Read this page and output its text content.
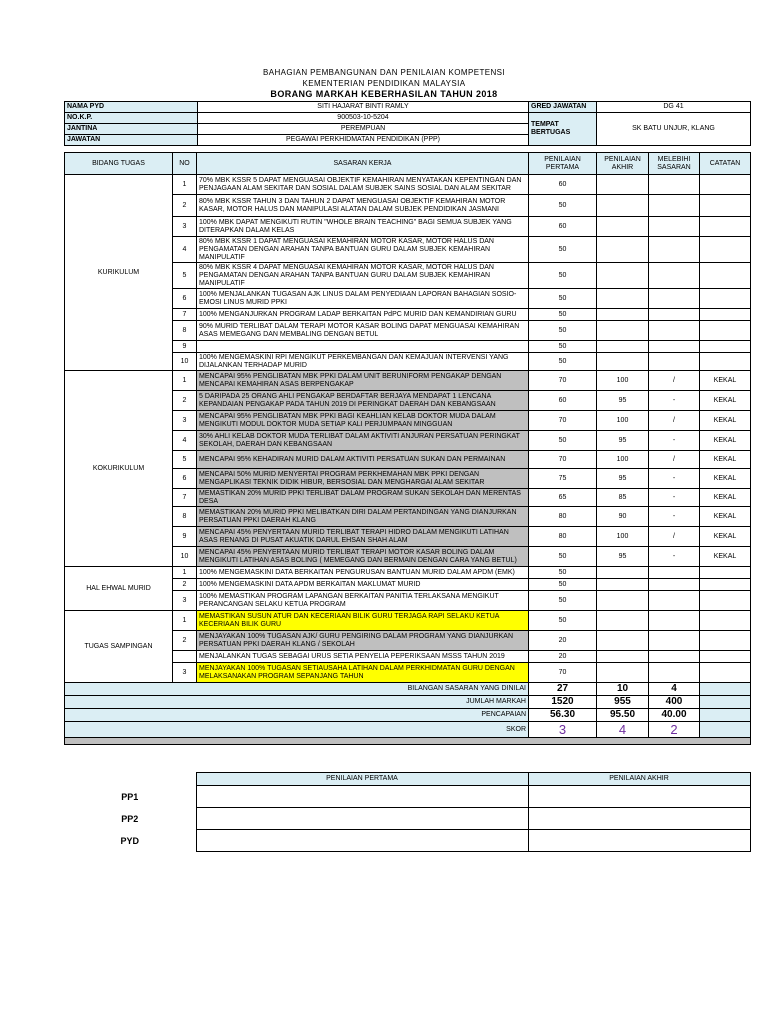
BAHAGIAN PEMBANGUNAN DAN PENILAIAN KOMPETENSI
KEMENTERIAN PENDIDIKAN MALAYSIA
BORANG MARKAH KEBERHASILAN TAHUN 2018
NAMA PYD	SITI HAJARAT BINTI RAMLY	GRED JAWATAN	DG 41
NO.K.P.	900503-10-5204	TEMPAT BERTUGAS	SK BATU UNJUR, KLANG
JANTINA	PEREMPUAN		
JAWATAN	PEGAWAI PERKHIDMATAN PENDIDIKAN (PPP)		
BIDANG TUGAS	NO	SASARAN KERJA	PENILAIAN PERTAMA	PENILAIAN AKHIR	MELEBIHI SASARAN	CATATAN
KURIKULUM	1	70% MBK KSSR 5 DAPAT MENGUASAI OBJEKTIF KEMAHIRAN MENYATAKAN KEPENTINGAN DAN PENJAGAAN ALAM SEKITAR DAN SOSIAL DALAM SUBJEK SAINS SOSIAL DAN ALAM SEKITAR	60			
	2	80% MBK KSSR TAHUN 3 DAN TAHUN 2 DAPAT MENGUASAI OBJEKTIF KEMAHIRAN MOTOR KASAR, MOTOR HALUS DAN MANIPULASI ALATAN DALAM SUBJEK PENDIDIKAN JASMANI	50			
	3	100% MBK DAPAT MENGIKUTI RUTIN "WHOLE BRAIN TEACHING" BAGI SEMUA SUBJEK YANG DITERAPKAN DALAM KELAS	60			
	4	80% MBK KSSR 1 DAPAT MENGUASAI KEMAHIRAN MOTOR KASAR, MOTOR HALUS DAN PENGAMATAN DENGAN ARAHAN TANPA BANTUAN GURU DALAM SUBJEK KEMAHIRAN MANIPULATIF	50			
	5	80% MBK KSSR 4 DAPAT MENGUASAI KEMAHIRAN MOTOR KASAR, MOTOR HALUS DAN PENGAMATAN DENGAN ARAHAN TANPA BANTUAN GURU DALAM SUBJEK KEMAHIRAN MANIPULATIF	50			
	6	100% MENJALANKAN TUGASAN AJK LINUS DALAM PENYEDIAAN LAPORAN BAHAGIAN SOSIO-EMOSI LINUS MURID PPKI	50			
	7	100% MENGANJURKAN PROGRAM LADAP BERKAITAN PdPC MURID DAN KEMANDIRIAN GURU	50			
	8	90% MURID TERLIBAT DALAM TERAPI MOTOR KASAR BOLING DAPAT MENGUASAI KEMAHIRAN ASAS MEMEGANG DAN MEMBALING DENGAN BETUL	50			
	9		50			
	10	100% MENGEMASKINI RPI MENGIKUT PERKEMBANGAN DAN KEMAJUAN INTERVENSI YANG DIJALANKAN TERHADAP MURID	50			
KOKURIKULUM	1	MENCAPAI 95% PENGLIBATAN MBK PPKI DALAM UNIT BERUNIFORM PENGAKAP DENGAN MENCAPAI KEMAHIRAN ASAS BERPENGAKAP	70	100	/	KEKAL
	2	5 DARIPADA 25 ORANG AHLI PENGAKAP BERDAFTAR BERJAYA MENDAPAT 1 LENCANA KEPANDAIAN PENGAKAP PADA TAHUN 2019 DI PERINGKAT DAERAH DAN KEBANGSAAN	60	95	-	KEKAL
	3	MENCAPAI 95% PENGLIBATAN MBK PPKI BAGI KEAHLIAN KELAB DOKTOR MUDA DALAM MENGIKUTI MODUL DOKTOR MUDA SETIAP KALI PERJUMPAAN MINGGUAN	70	100	/	KEKAL
	4	30% AHLI KELAB DOKTOR MUDA TERLIBAT DALAM AKTIVITI ANJURAN PERSATUAN PERINGKAT SEKOLAH, DAERAH DAN KEBANGSAAN	50	95	-	KEKAL
	5	MENCAPAI 95% KEHADIRAN MURID DALAM AKTIVITI PERSATUAN SUKAN DAN PERMAINAN	70	100	/	KEKAL
	6	MENCAPAI 50% MURID MENYERTAI PROGRAM PERKHEMAHAN MBK PPKI DENGAN MENGAPLIKASI TEKNIK DIDIK HIBUR, BERSOSIAL DAN MENGHARGAI ALAM SEKITAR	75	95	-	KEKAL
	7	MEMASTIKAN 20% MURID PPKI TERLIBAT DALAM PROGRAM SUKAN SEKOLAH DAN MERENTAS DESA	65	85	-	KEKAL
	8	MEMASTIKAN 20% MURID PPKI MELIBATKAN DIRI DALAM PERTANDINGAN YANG DIANJURKAN PERSATUAN PPKI DAERAH KLANG	80	90	-	KEKAL
	9	MENCAPAI 45% PENYERTAAN MURID TERLIBAT TERAPI HIDRO DALAM MENGIKUTI LATIHAN ASAS RENANG DI PUSAT AKUATIK DARUL EHSAN SHAH ALAM	80	100	/	KEKAL
	10	MENCAPAI 45% PENYERTAAN MURID TERLIBAT TERAPI MOTOR KASAR BOLING DALAM MENGIKUTI LATIHAN ASAS BOLING ( MEMEGANG DAN BERMAIN DENGAN CARA YANG BETUL)	50	95	-	KEKAL
HAL EHWAL MURID	1	100% MENGEMASKINI DATA BERKAITAN PENGURUSAN BANTUAN MURID DALAM APDM (EMK)	50			
	2	100% MENGEMASKINI DATA APDM BERKAITAN MAKLUMAT MURID	50			
	3	100% MEMASTIKAN PROGRAM LAPANGAN BERKAITAN PANITIA TERLAKSANA MENGIKUT PERANCANGAN SELAKU KETUA PROGRAM	50			
TUGAS SAMPINGAN	1	MEMASTIKAN SUSUN ATUR DAN KECERIAAN BILIK GURU TERJAGA RAPI SELAKU KETUA KECERIAAN BILIK GURU	50			
	2	MENJAYAKAN 100% TUGASAN AJK/ GURU PENGIRING DALAM PROGRAM YANG DIANJURKAN PERSATUAN PPKI DAERAH KLANG / SEKOLAH	20			
		MENJALANKAN TUGAS SEBAGAI URUS SETIA PENYELIA PEPERIKSAAN MSSS TAHUN 2019	20			
	3	MENJAYAKAN 100% TUGASAN SETIAUSAHA LATIHAN DALAM PERKHIDMATAN GURU DENGAN MELAKSANAKAN PROGRAM SEPANJANG TAHUN	70			
BILANGAN SASARAN YANG DINILAI			27	10	4	
JUMLAH MARKAH			1520	955	400	
PENCAPAIAN			56.30	95.50	40.00	
SKOR			3	4	2	

	PENILAIAN PERTAMA	PENILAIAN AKHIR
PP1		
PP2		
PYD		
